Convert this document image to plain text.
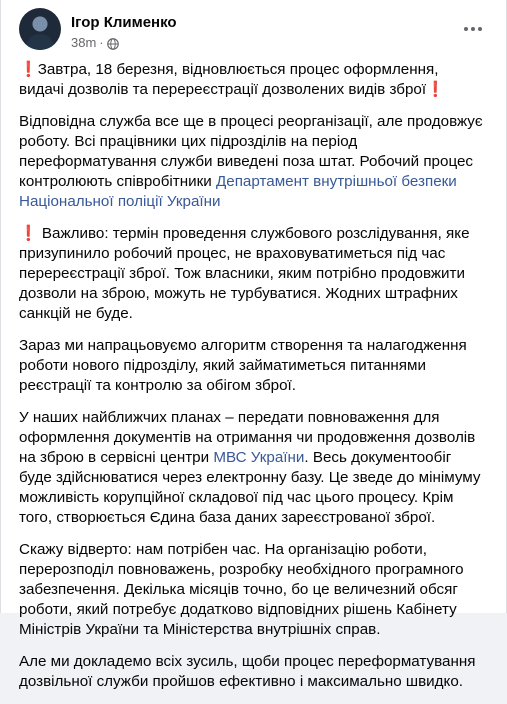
Ігор Клименко
38m ·

❗Завтра, 18 березня, відновлюється процес оформлення, видачі дозволів та перереєстрації дозволених видів зброї❗

Відповідна служба все ще в процесі реорганізації, але продовжує роботу. Всі працівники цих підрозділів на період переформатування служби виведені поза штат. Робочий процес контролюють співробітники Департамент внутрішньої безпеки Національної поліції України

❗ Важливо: термін проведення службового розслідування, яке призупинило робочий процес, не враховуватиметься під час перереєстрації зброї. Тож власники, яким потрібно продовжити дозволи на зброю, можуть не турбуватися. Жодних штрафних санкцій не буде.

Зараз ми напрацьовуємо алгоритм створення та налагодження роботи нового підрозділу, який займатиметься питаннями реєстрації та контролю за обігом зброї.

У наших найближчих планах – передати повноваження для оформлення документів на отримання чи продовження дозволів на зброю в сервісні центри МВС України. Весь документообіг буде здійснюватися через електронну базу. Це зведе до мінімуму можливість корупційної складової під час цього процесу. Крім того, створюється Єдина база даних зареєстрованої зброї.

Скажу відверто: нам потрібен час. На організацію роботи, перерозподіл повноважень, розробку необхідного програмного забезпечення. Декілька місяців точно, бо це величезний обсяг роботи, який потребує додатково відповідних рішень Кабінету Міністрів України та Міністерства внутрішніх справ.

Але ми докладемо всіх зусиль, щоби процес переформатування дозвільної служби пройшов ефективно і максимально швидко.
